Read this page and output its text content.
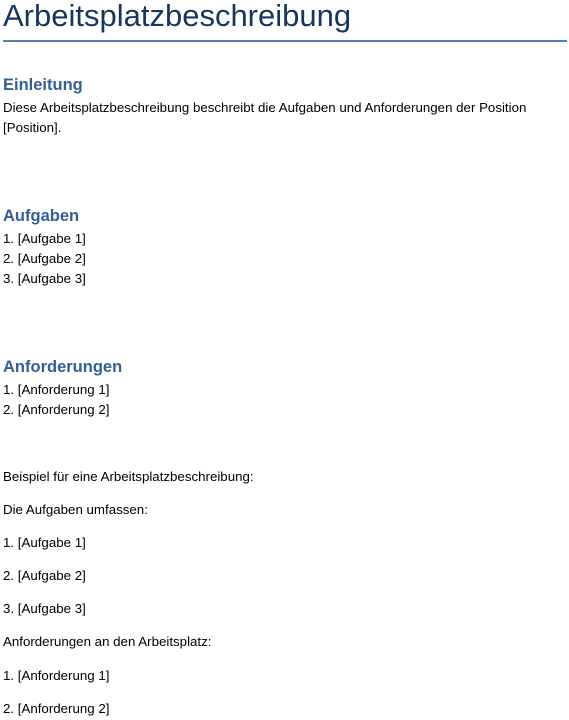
Arbeitsplatzbeschreibung
Einleitung

Diese Arbeitsplatzbeschreibung beschreibt die Aufgaben und Anforderungen der Position

[Position].

Aufgaben

1. [Aufgabe 1]

2. [Aufgabe 2]

3. [Aufgabe 3]

Anforderungen

1. [Anforderung 1]

2. [Anforderung 2]

Beispiel für eine Arbeitsplatzbeschreibung:

Die Aufgaben umfassen:

1. [Aufgabe 1]

2. [Aufgabe 2]

3. [Aufgabe 3]

Anforderungen an den Arbeitsplatz:

1. [Anforderung 1]

2. [Anforderung 2]
